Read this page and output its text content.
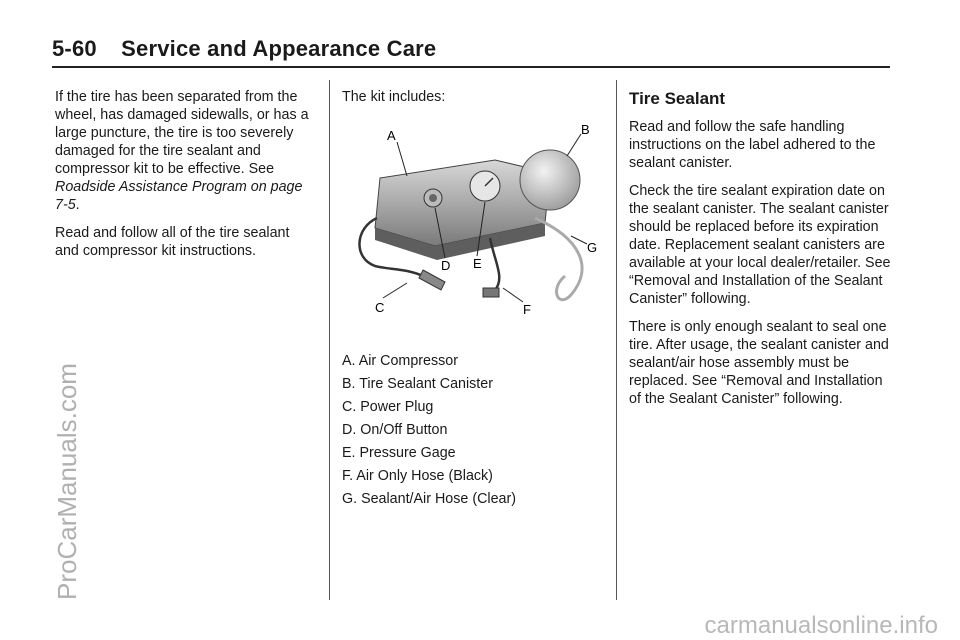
5-60 Service and Appearance Care

If the tire has been separated from the wheel, has damaged sidewalls, or has a large puncture, the tire is too severely damaged for the tire sealant and compressor kit to be effective. See Roadside Assistance Program on page 7-5.

Read and follow all of the tire sealant and compressor kit instructions.

The kit includes:

A. Air Compressor
B. Tire Sealant Canister
C. Power Plug
D. On/Off Button
E. Pressure Gage
F. Air Only Hose (Black)
G. Sealant/Air Hose (Clear)
A	B
C
D E
F
G
Tire Sealant

Read and follow the safe handling instructions on the label adhered to the sealant canister.

Check the tire sealant expiration date on the sealant canister. The sealant canister should be replaced before its expiration date. Replacement sealant canisters are available at your local dealer/retailer. See “Removal and Installation of the Sealant Canister” following.

There is only enough sealant to seal one tire. After usage, the sealant canister and sealant/air hose assembly must be replaced. See “Removal and Installation of the Sealant Canister” following.

ProCarManuals.com
carmanualsonline.info
